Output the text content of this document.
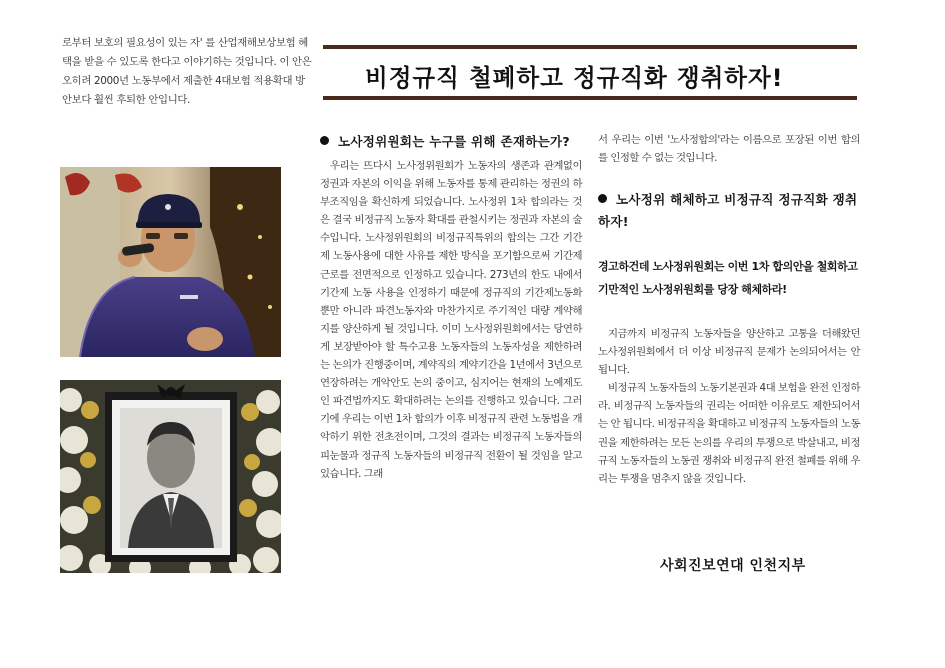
로부터 보호의 필요성이 있는 자' 를 산업재해보상보험 혜택을 받을 수 있도록 한다고 이야기하는 것입니다. 이 안은 오히려 2000년 노동부에서 제출한 4대보험 적용확대 방안보다 훨씬 후퇴한 안입니다.
비정규직 철폐하고 정규직화 쟁취하자!
노사정위원회는 누구를 위해 존재하는가?

우리는 뜨다시 노사정위원회가 노동자의 생존과 관계없이 정권과 자본의 이익을 위해 노동자를 통제 관리하는 정권의 하부조직임을 확신하게 되었습니다. 노사정위 1차 합의라는 것은 결국 비정규직 노동자 확대를 관철시키는 정권과 자본의 술수입니다. 노사정위원회의 비정규직특위의 합의는 그간 기간제 노동사용에 대한 사유를 제한 방식을 포기함으로써 기간제근로를 전면적으로 인정하고 있습니다. 273년의 한도 내에서 기간제 노동 사용을 인정하기 때문에 정규직의 기간제노동화 뿐만 아니라 파견노동자와 마찬가지로 주기적인 대량 계약해지를 양산하게 될 것입니다. 이미 노사정위원회에서는 당연하게 보장받아야 할 특수고용 노동자들의 노동자성을 제한하려는 논의가 진행중이며, 계약직의 계약기간을 1년에서 3년으로 연장하려는 개악안도 논의 중이고, 심지어는 현재의 노예제도인 파견법까지도 확대하려는 논의를 진행하고 있습니다. 그러기에 우리는 이번 1차 합의가 이후 비정규직 관련 노동법을 개악하기 위한 전초전이며, 그것의 결과는 비정규직 노동자들의 피눈물과 정규직 노동자들의 비정규직 전환이 될 것임을 알고 있습니다. 그래

서 우리는 이번 '노사정합의'라는 이름으로 포장된 이번 합의를 인정할 수 없는 것입니다.
노사정위 해체하고 비정규직 정규직화 쟁취하자!
경고하건데 노사정위원회는 이번 1차 합의안을 철회하고 기만적인 노사정위원회를 당장 해체하라!

지금까지 비정규직 노동자들을 양산하고 고통을 더해왔던 노사정위원회에서 더 이상 비정규직 문제가 논의되어서는 안 됩니다.

비정규직 노동자들의 노동기본권과 4대 보험을 완전 인정하라. 비정규직 노동자들의 권리는 어떠한 이유로도 제한되어서는 안 됩니다. 비정규직을 확대하고 비정규직 노동자들의 노동권을 제한하려는 모든 논의를 우리의 투쟁으로 박살내고, 비정규직 노동자들의 노동권 쟁취와 비정규직 완전 철폐를 위해 우리는 투쟁을 멈추지 않을 것입니다.

사회진보연대 인천지부
